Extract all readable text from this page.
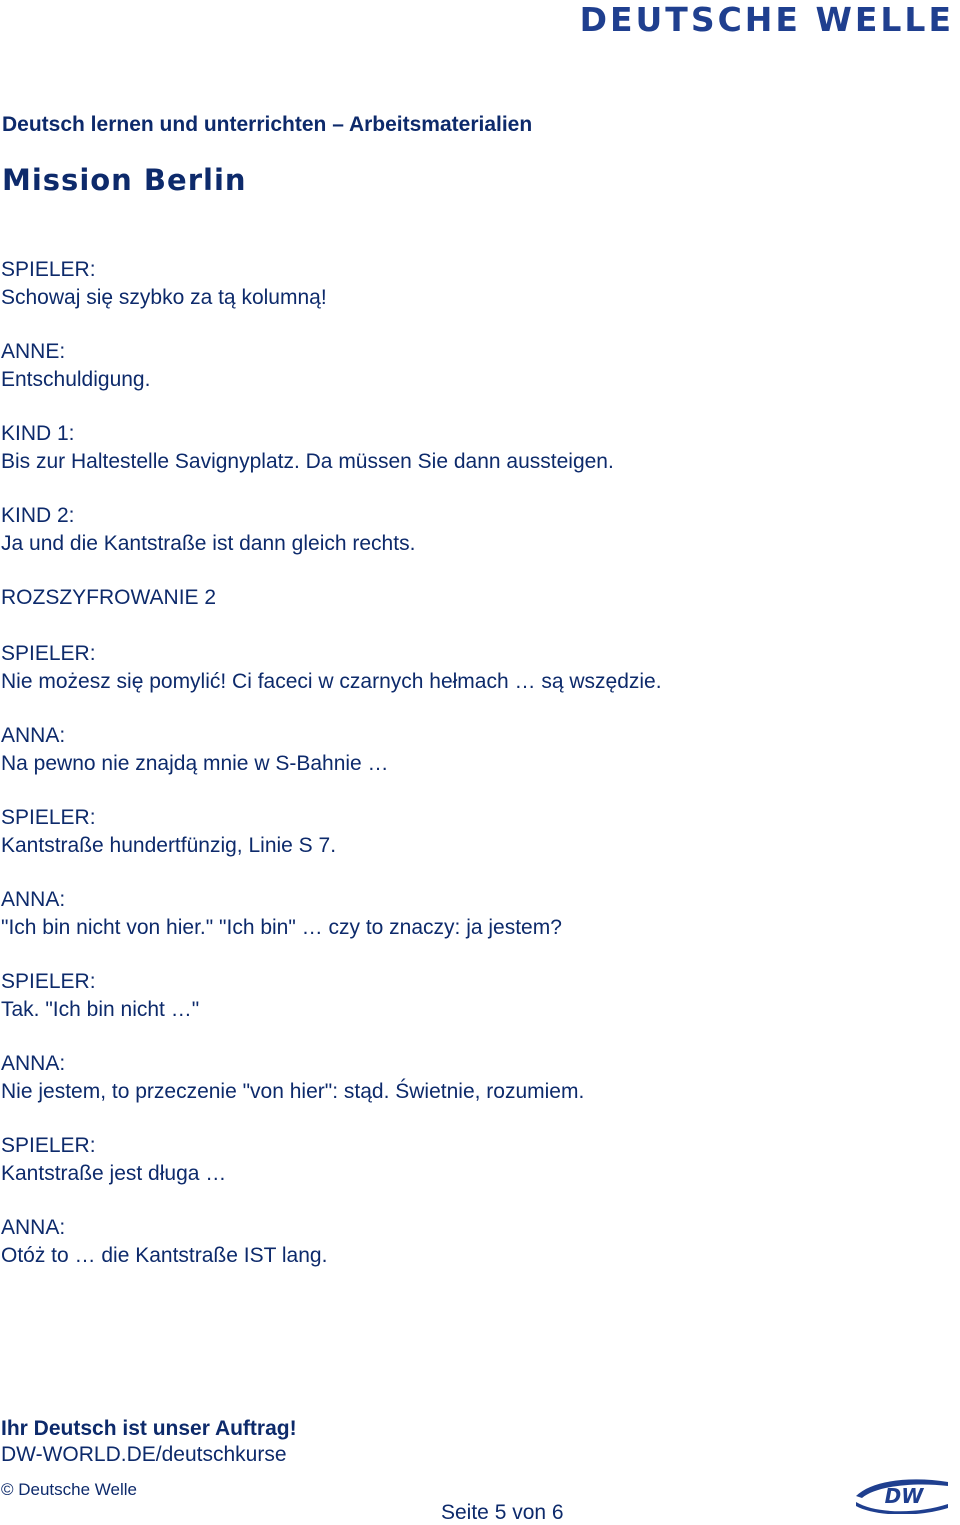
DEUTSCHE WELLE
Deutsch lernen und unterrichten – Arbeitsmaterialien
Mission Berlin
SPIELER:
Schowaj się szybko za tą kolumną!
ANNE:
Entschuldigung.
KIND 1:
Bis zur Haltestelle Savignyplatz. Da müssen Sie dann aussteigen.
KIND 2:
Ja und die Kantstraße ist dann gleich rechts.
ROZSZYFROWANIE 2
SPIELER:
Nie możesz się pomylić! Ci faceci w czarnych hełmach … są wszędzie.
ANNA:
Na pewno nie znajdą mnie w S-Bahnie …
SPIELER:
Kantstraße hundertfünzig, Linie S 7.
ANNA:
"Ich bin nicht von hier." "Ich bin" … czy to znaczy: ja jestem?
SPIELER:
Tak. "Ich bin nicht …"
ANNA:
Nie jestem, to przeczenie "von hier": stąd. Świetnie, rozumiem.
SPIELER:
Kantstraße jest długa …
ANNA:
Otóż to … die Kantstraße IST lang.
Ihr Deutsch ist unser Auftrag!
DW-WORLD.DE/deutschkurse
© Deutsche Welle
Seite 5 von 6
DW
